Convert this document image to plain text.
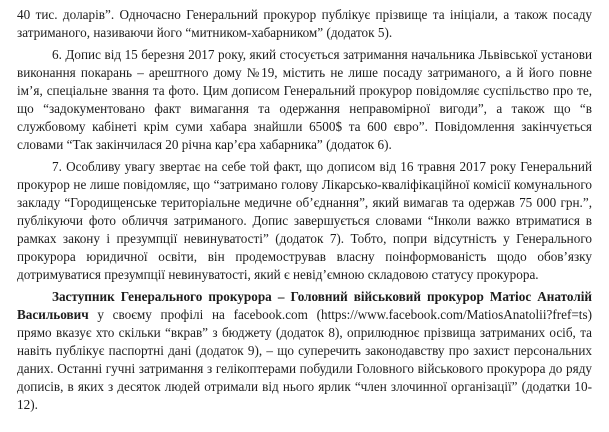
40 тис. доларів”. Одночасно Генеральний прокурор публікує прізвище та ініціали, а також посаду затриманого, називаючи його “митником-хабарником” (додаток 5).

6. Допис від 15 березня 2017 року, який стосується затримання начальника Львівської установи виконання покарань – арештного дому №19, містить не лише посаду затриманого, а й його повне ім’я, спеціальне звання та фото. Цим дописом Генеральний прокурор повідомляє суспільство про те, що “задокументовано факт вимагання та одержання неправомірної вигоди”, а також що “в службовому кабінеті крім суми хабара знайшли 6500$ та 600 євро”. Повідомлення закінчується словами “Так закінчилася 20 річна кар’єра хабарника” (додаток 6).

7. Особливу увагу звертає на себе той факт, що дописом від 16 травня 2017 року Генеральний прокурор не лише повідомляє, що “затримано голову Лікарсько-кваліфікаційної комісії комунального закладу “Городищенське територіальне медичне об’єднання”, який вимагав та одержав 75 000 грн.”, публікуючи фото обличчя затриманого. Допис завершується словами “Інколи важко втриматися в рамках закону і презумпції невинуватості” (додаток 7). Тобто, попри відсутність у Генерального прокурора юридичної освіти, він продемострував власну поінформованість щодо обов’язку дотримуватися презумпції невинуватості, який є невід’ємною складовою статусу прокурора.

Заступник Генерального прокурора – Головний військовий прокурор Матіос Анатолій Васильович у своєму профілі на facebook.com (https://www.facebook.com/MatiosAnatolii?fref=ts) прямо вказує хто скільки “вкрав” з бюджету (додаток 8), оприлюднює прізвища затриманих осіб, та навіть публікує паспортні дані (додаток 9), – що суперечить законодавству про захист персональних даних. Останні гучні затримання з гелікоптерами побудили Головного військового прокурора до ряду дописів, в яких з десяток людей отримали від нього ярлик “член злочинної організації” (додатки 10-12).
